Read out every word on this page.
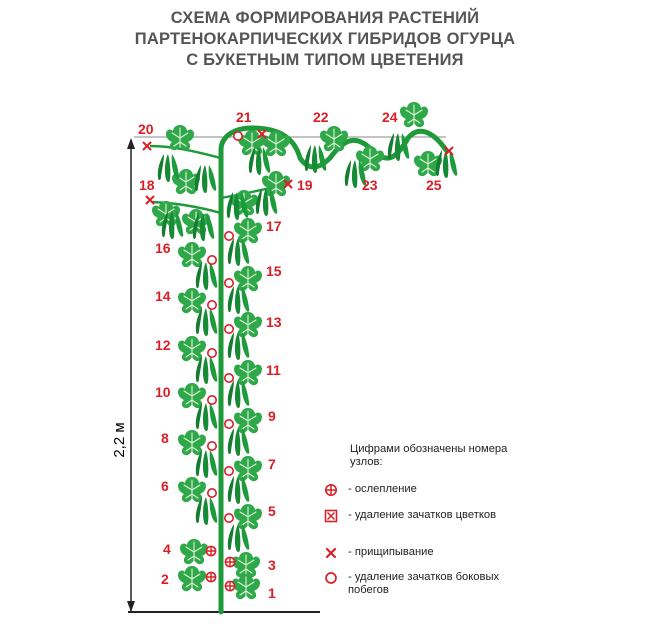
СХЕМА ФОРМИРОВАНИЯ РАСТЕНИЙ
ПАРТЕНОКАРПИЧЕСКИХ ГИБРИДОВ ОГУРЦА
С БУКЕТНЫМ ТИПОМ ЦВЕТЕНИЯ
2,2 м
1
2
3
4
5
6
7
8
9
10
11
12
13
14
15
16
17
18	19
20
21	22
23
24
25
Цифрами обозначены номера узлов:
- ослепление
- удаление зачатков цветков
- прищипывание
- удаление зачатков боковых побегов
